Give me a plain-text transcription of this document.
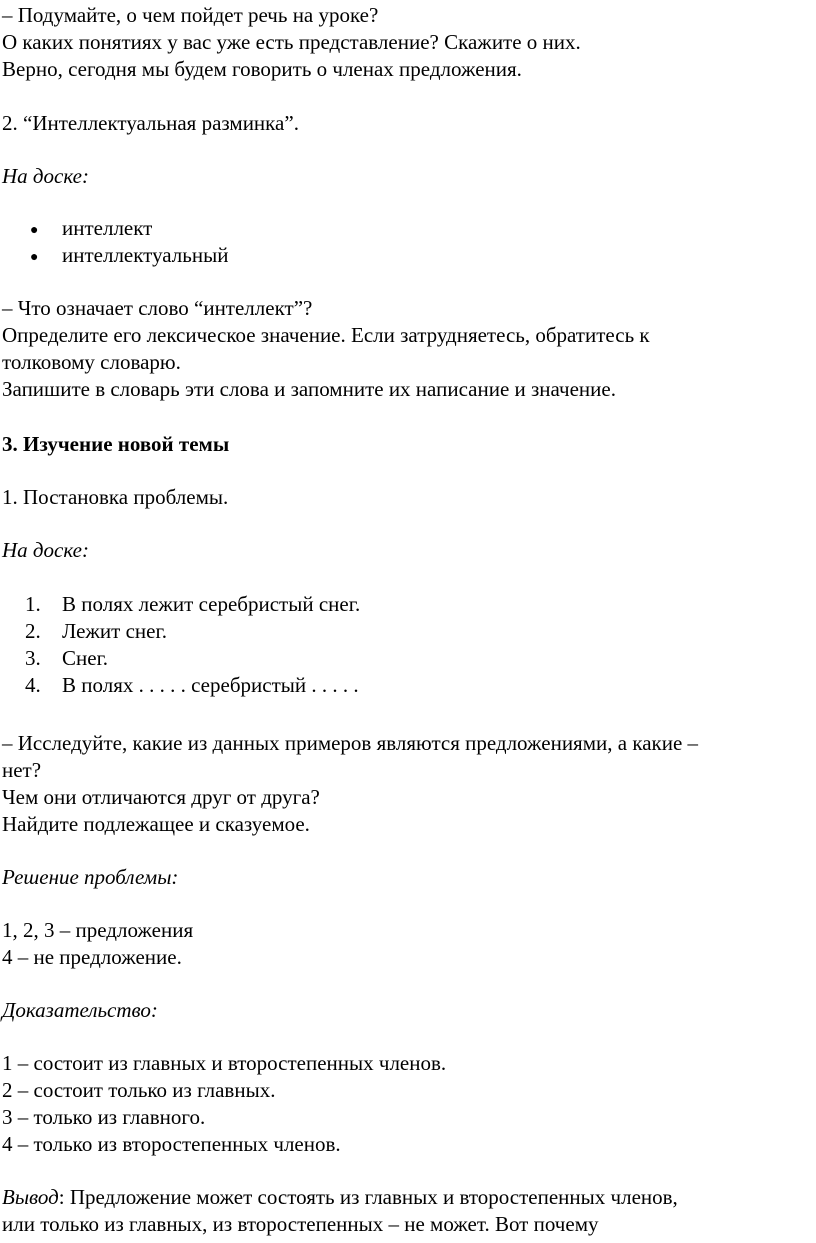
– Подумайте, о чем пойдет речь на уроке?
О каких понятиях у вас уже есть представление? Скажите о них.
Верно, сегодня мы будем говорить о членах предложения.
2. “Интеллектуальная разминка”.
На доске:
● интеллект
● интеллектуальный
– Что означает слово “интеллект”?
Определите его лексическое значение. Если затрудняетесь, обратитесь к
толковому словарю.
Запишите в словарь эти слова и запомните их написание и значение.
3. Изучение новой темы
1. Постановка проблемы.
На доске:
1. В полях лежит серебристый снег.
2. Лежит снег.
3. Снег.
4. В полях . . . . . серебристый . . . . .
– Исследуйте, какие из данных примеров являются предложениями, а какие –
нет?
Чем они отличаются друг от друга?
Найдите подлежащее и сказуемое.
Решение проблемы:
1, 2, 3 – предложения
4 – не предложение.
Доказательство:
1 – состоит из главных и второстепенных членов.
2 – состоит только из главных.
3 – только из главного.
4 – только из второстепенных членов.
Вывод: Предложение может состоять из главных и второстепенных членов,
или только из главных, из второстепенных – не может. Вот почему
